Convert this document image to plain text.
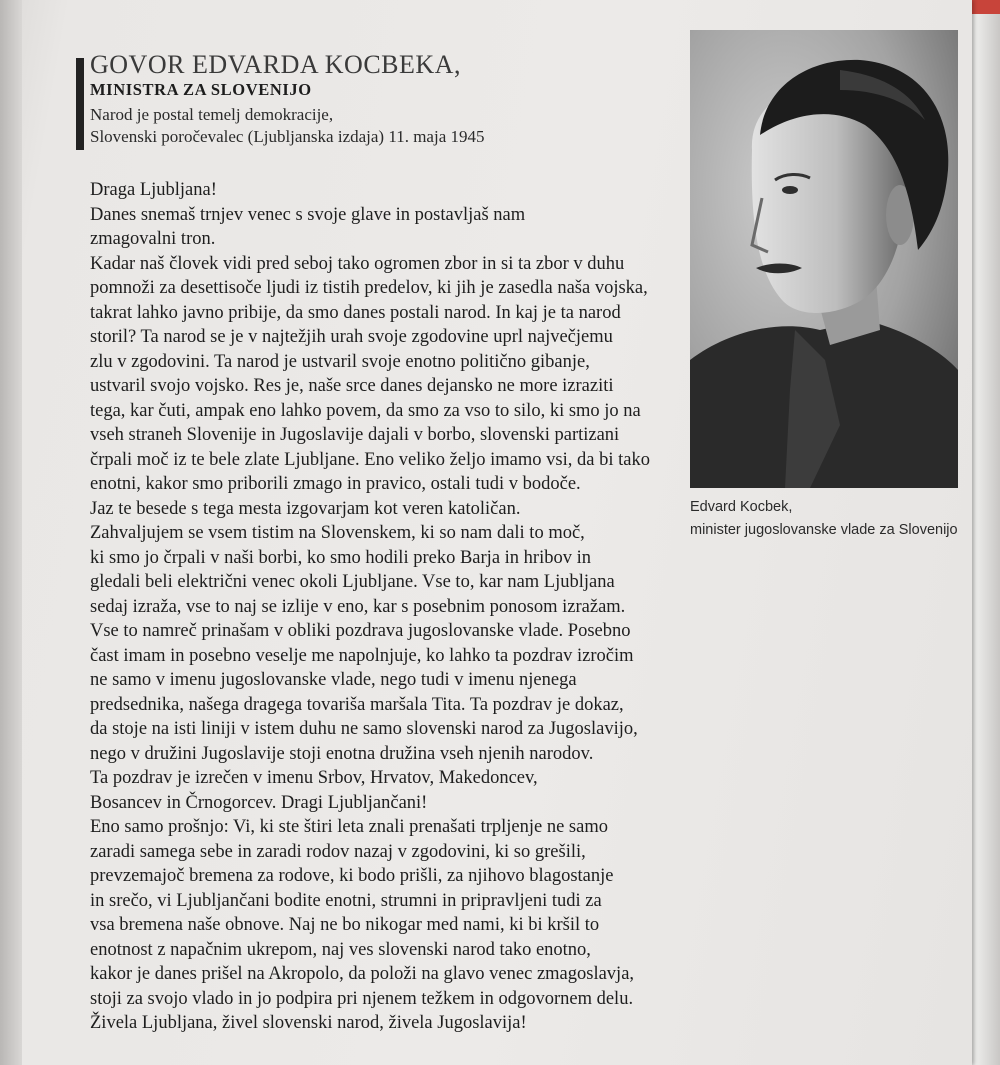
GOVOR EDVARDA KOCBEKA,
MINISTRA ZA SLOVENIJO
Narod je postal temelj demokracije,
Slovenski poročevalec (Ljubljanska izdaja) 11. maja 1945
Draga Ljubljana!
Danes snemaš trnjev venec s svoje glave in postavljaš nam
zmagovalni tron.
Kadar naš človek vidi pred seboj tako ogromen zbor in si ta zbor v duhu
pomnoži za desettisoče ljudi iz tistih predelov, ki jih je zasedla naša vojska,
takrat lahko javno pribije, da smo danes postali narod. In kaj je ta narod
storil? Ta narod se je v najtežjih urah svoje zgodovine uprl največjemu
zlu v zgodovini. Ta narod je ustvaril svoje enotno politično gibanje,
ustvaril svojo vojsko. Res je, naše srce danes dejansko ne more izraziti
tega, kar čuti, ampak eno lahko povem, da smo za vso to silo, ki smo jo na
vseh straneh Slovenije in Jugoslavije dajali v borbo, slovenski partizani
črpali moč iz te bele zlate Ljubljane. Eno veliko željo imamo vsi, da bi tako
enotni, kakor smo priborili zmago in pravico, ostali tudi v bodoče.
Jaz te besede s tega mesta izgovarjam kot veren katoličan.
Zahvaljujem se vsem tistim na Slovenskem, ki so nam dali to moč,
ki smo jo črpali v naši borbi, ko smo hodili preko Barja in hribov in
gledali beli električni venec okoli Ljubljane. Vse to, kar nam Ljubljana
sedaj izraža, vse to naj se izlije v eno, kar s posebnim ponosom izražam.
Vse to namreč prinašam v obliki pozdrava jugoslovanske vlade. Posebno
čast imam in posebno veselje me napolnjuje, ko lahko ta pozdrav izročim
ne samo v imenu jugoslovanske vlade, nego tudi v imenu njenega
predsednika, našega dragega tovariša maršala Tita. Ta pozdrav je dokaz,
da stoje na isti liniji v istem duhu ne samo slovenski narod za Jugoslavijo,
nego v družini Jugoslavije stoji enotna družina vseh njenih narodov.
Ta pozdrav je izrečen v imenu Srbov, Hrvatov, Makedoncev,
Bosancev in Črnogorcev. Dragi Ljubljančani!
Eno samo prošnjo: Vi, ki ste štiri leta znali prenašati trpljenje ne samo
zaradi samega sebe in zaradi rodov nazaj v zgodovini, ki so grešili,
prevzemajoč bremena za rodove, ki bodo prišli, za njihovo blagostanje
in srečo, vi Ljubljančani bodite enotni, strumni in pripravljeni tudi za
vsa bremena naše obnove. Naj ne bo nikogar med nami, ki bi kršil to
enotnost z napačnim ukrepom, naj ves slovenski narod tako enotno,
kakor je danes prišel na Akropolo, da položi na glavo venec zmagoslavja,
stoji za svojo vlado in jo podpira pri njenem težkem in odgovornem delu.
Živela Ljubljana, živel slovenski narod, živela Jugoslavija!
Edvard Kocbek,
minister jugoslovanske vlade za Slovenijo
